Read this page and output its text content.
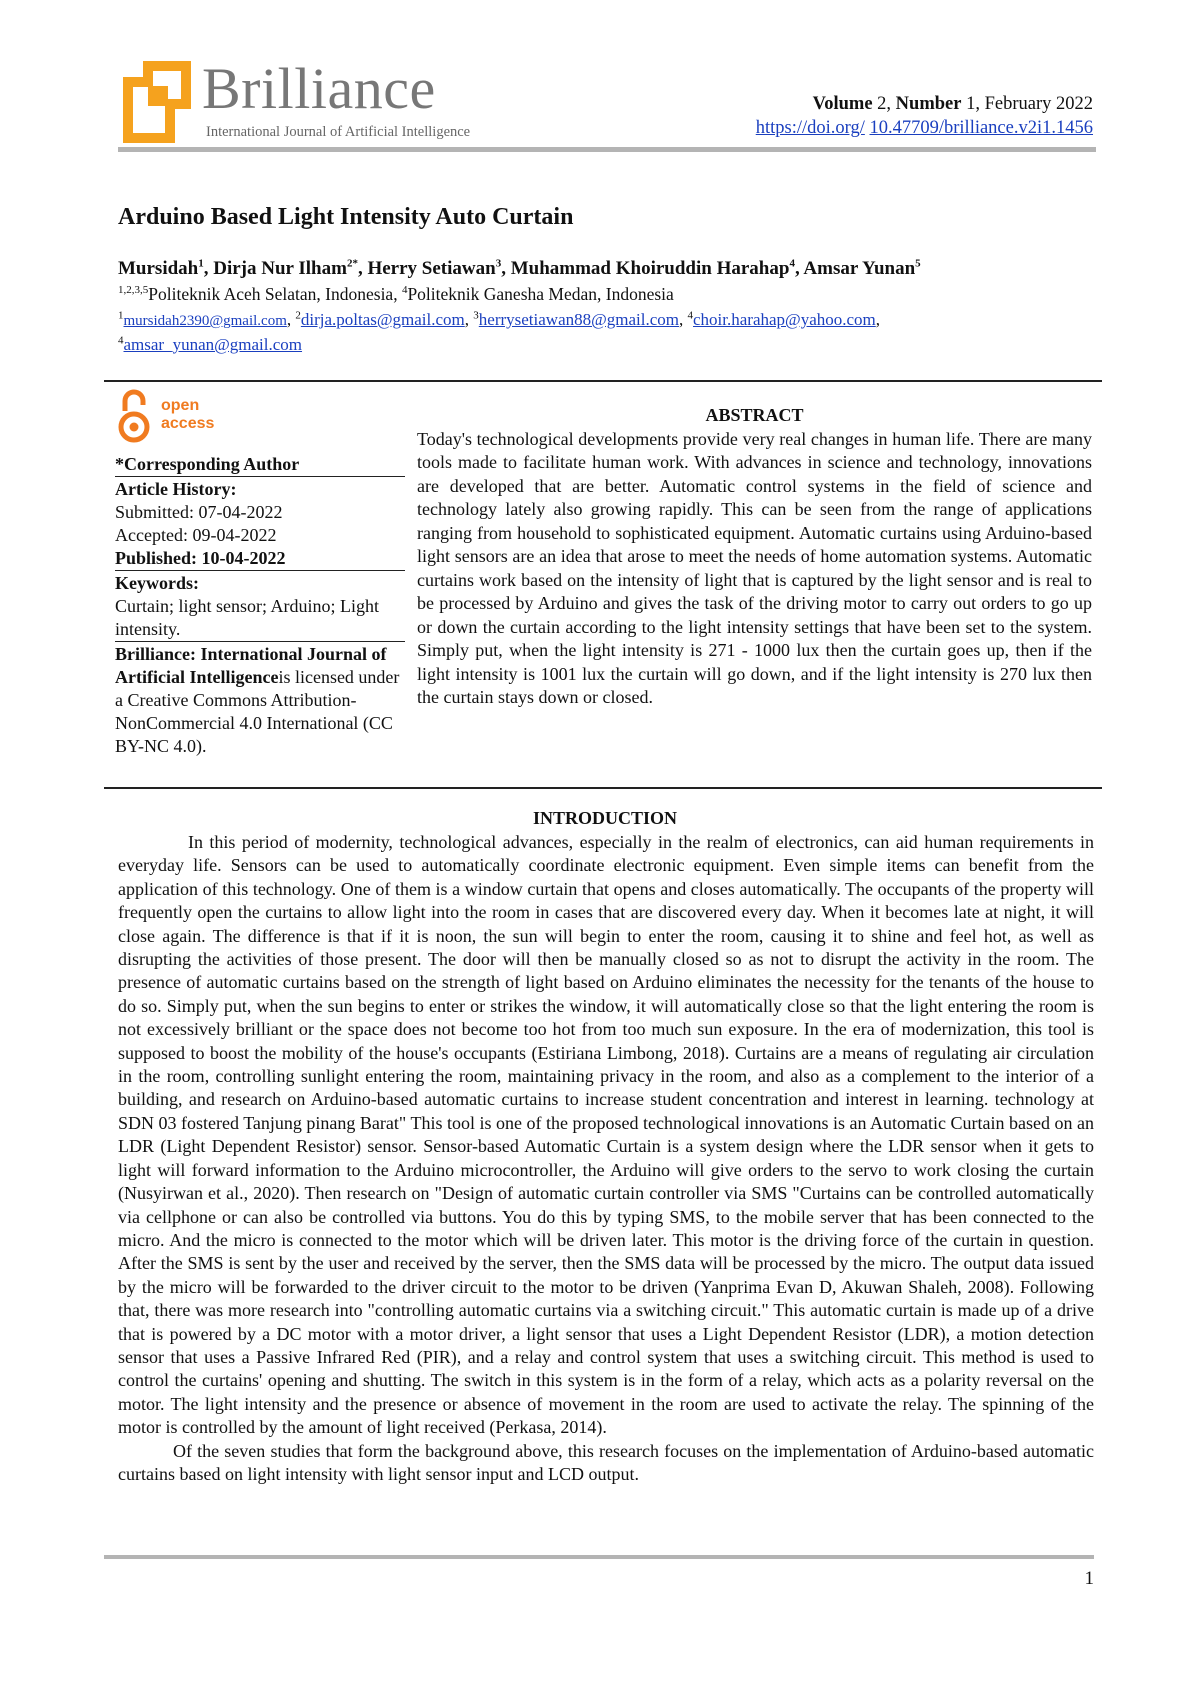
Brilliance
International Journal of Artificial Intelligence
Volume 2, Number 1, February 2022
https://doi.org/ 10.47709/brilliance.v2i1.1456
Arduino Based Light Intensity Auto Curtain
Mursidah$^1$, Dirja Nur Ilham$^{2*}$, Herry Setiawan$^3$, Muhammad Khoiruddin Harahap$^4$, Amsar Yunan$^5$
$^{1,2,3,5}$Politeknik Aceh Selatan, Indonesia, $^4$Politeknik Ganesha Medan, Indonesia
$^1$mursidah2390@gmail.com, $^2$dirja.poltas@gmail.com, $^3$herrysetiawan88@gmail.com, $^4$choir.harahap@yahoo.com,
$^4$amsar_yunan@gmail.com
open
access
*Corresponding Author
Article History:
Submitted: 07-04-2022
Accepted: 09-04-2022
Published: 10-04-2022
Keywords:
Curtain; light sensor; Arduino; Light intensity.
Brilliance: International Journal of Artificial Intelligenceis licensed under a Creative Commons Attribution-NonCommercial 4.0 International (CC BY-NC 4.0).
ABSTRACT
Today's technological developments provide very real changes in human life. There are many tools made to facilitate human work. With advances in science and technology, innovations are developed that are better. Automatic control systems in the field of science and technology lately also growing rapidly. This can be seen from the range of applications ranging from household to sophisticated equipment. Automatic curtains using Arduino-based light sensors are an idea that arose to meet the needs of home automation systems. Automatic curtains work based on the intensity of light that is captured by the light sensor and is real to be processed by Arduino and gives the task of the driving motor to carry out orders to go up or down the curtain according to the light intensity settings that have been set to the system. Simply put, when the light intensity is 271 - 1000 lux then the curtain goes up, then if the light intensity is 1001 lux the curtain will go down, and if the light intensity is 270 lux then the curtain stays down or closed.
INTRODUCTION

In this period of modernity, technological advances, especially in the realm of electronics, can aid human requirements in everyday life. Sensors can be used to automatically coordinate electronic equipment. Even simple items can benefit from the application of this technology. One of them is a window curtain that opens and closes automatically. The occupants of the property will frequently open the curtains to allow light into the room in cases that are discovered every day. When it becomes late at night, it will close again. The difference is that if it is noon, the sun will begin to enter the room, causing it to shine and feel hot, as well as disrupting the activities of those present. The door will then be manually closed so as not to disrupt the activity in the room. The presence of automatic curtains based on the strength of light based on Arduino eliminates the necessity for the tenants of the house to do so. Simply put, when the sun begins to enter or strikes the window, it will automatically close so that the light entering the room is not excessively brilliant or the space does not become too hot from too much sun exposure. In the era of modernization, this tool is supposed to boost the mobility of the house's occupants (Estiriana Limbong, 2018). Curtains are a means of regulating air circulation in the room, controlling sunlight entering the room, maintaining privacy in the room, and also as a complement to the interior of a building, and research on Arduino-based automatic curtains to increase student concentration and interest in learning. technology at SDN 03 fostered Tanjung pinang Barat" This tool is one of the proposed technological innovations is an Automatic Curtain based on an LDR (Light Dependent Resistor) sensor. Sensor-based Automatic Curtain is a system design where the LDR sensor when it gets to light will forward information to the Arduino microcontroller, the Arduino will give orders to the servo to work closing the curtain (Nusyirwan et al., 2020). Then research on "Design of automatic curtain controller via SMS "Curtains can be controlled automatically via cellphone or can also be controlled via buttons. You do this by typing SMS, to the mobile server that has been connected to the micro. And the micro is connected to the motor which will be driven later. This motor is the driving force of the curtain in question. After the SMS is sent by the user and received by the server, then the SMS data will be processed by the micro. The output data issued by the micro will be forwarded to the driver circuit to the motor to be driven (Yanprima Evan D, Akuwan Shaleh, 2008). Following that, there was more research into "controlling automatic curtains via a switching circuit." This automatic curtain is made up of a drive that is powered by a DC motor with a motor driver, a light sensor that uses a Light Dependent Resistor (LDR), a motion detection sensor that uses a Passive Infrared Red (PIR), and a relay and control system that uses a switching circuit. This method is used to control the curtains' opening and shutting. The switch in this system is in the form of a relay, which acts as a polarity reversal on the motor. The light intensity and the presence or absence of movement in the room are used to activate the relay. The spinning of the motor is controlled by the amount of light received (Perkasa, 2014).

Of the seven studies that form the background above, this research focuses on the implementation of Arduino-based automatic curtains based on light intensity with light sensor input and LCD output.

1
